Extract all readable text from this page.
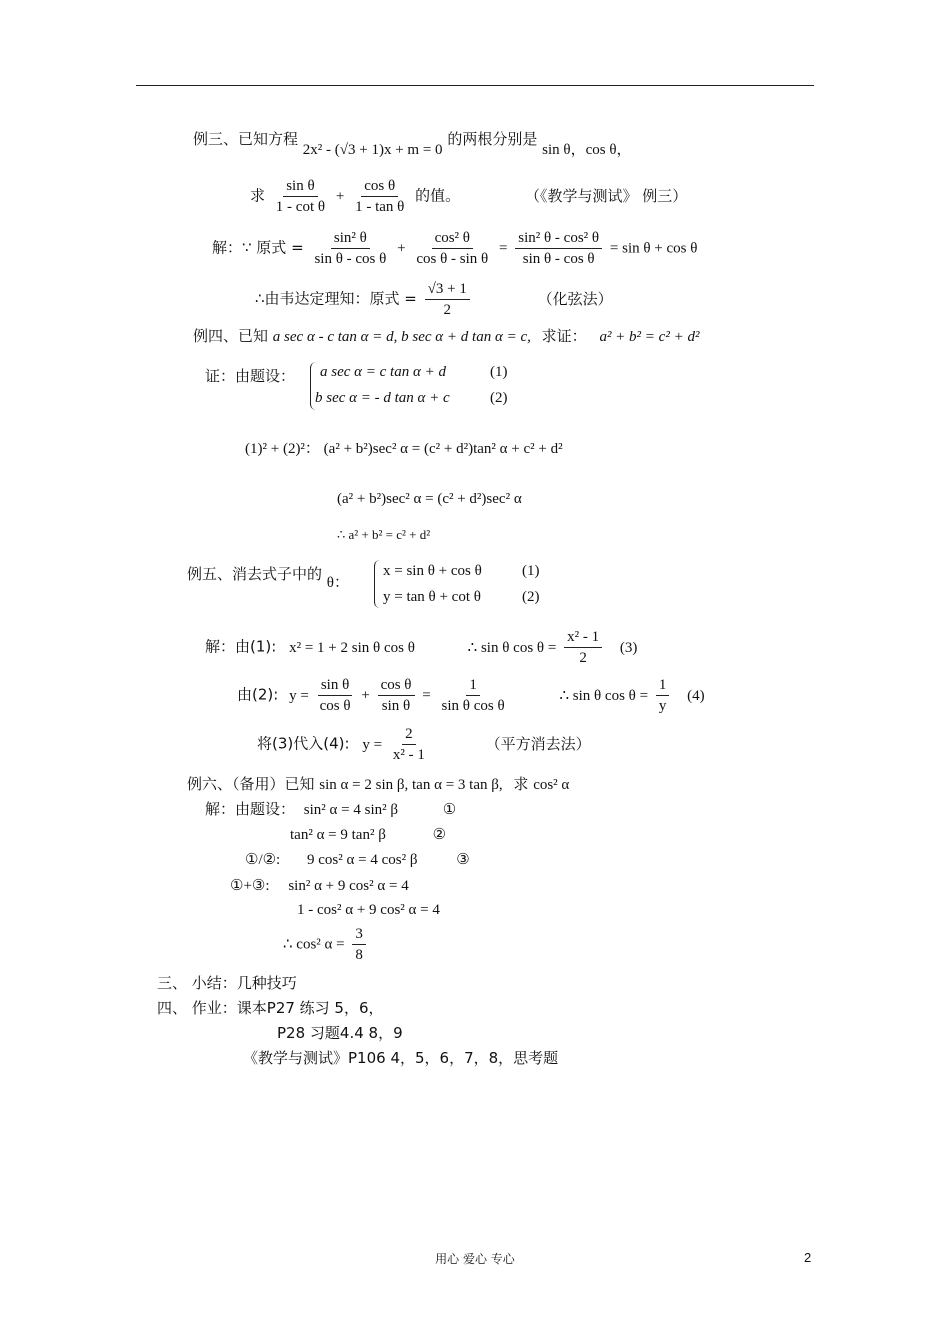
例三、已知方程 2x² - (√3 + 1)x + m = 0 的两根分别是 sin θ，cos θ，
求 $\frac{\text{sin θ}}{\text{1 - cot θ}} + \frac{\text{cos θ}}{\text{1 - tan θ}}$ 的值。	（《教学与测试》 例三）
解：∵ 原式 = $\frac{\text{sin² θ}}{\text{sin θ - cos θ}} + \frac{\text{cos² θ}}{\text{cos θ - sin θ}} = \frac{\text{sin² θ - cos² θ}}{\text{sin θ - cos θ}} = \sin \theta + \cos \theta$
∴由韦达定理知：原式 = $\frac{√3 + 1}{2}$	（化弦法）
例四、已知 a sec α - c tan α = d, b sec α + d tan α = c, 求证： a² + b² = c² + d²
证：由题设： a sec α = c tan α + d	(1)
b sec α = - d tan α + c	(2)
(1)² + (2)²： (a² + b²)sec² α = (c² + d²)tan² α + c² + d²
(a² + b²)sec² α = (c² + d²)sec² α
∴ a² + b² = c² + d²
例五、消去式子中的 θ：
x = sin θ + cos θ	(1)
y = tan θ + cot θ	(2)
解：由(1): x² = 1 + 2 sin θ cos θ	∴ sin θ $\cos \theta = \frac{\text{x² - 1}}{2} (3)$
由(2): $y = \frac{\text{sin θ}}{\text{cos θ}} + \frac{\text{cos θ}}{\text{sin θ}} = \frac{1}{\text{sin θ cos θ}}$	∴ sin θ $\cos \theta = \frac{1}{y} (4)$
将(3)代入(4): $y = \frac{2}{\text{x² - 1}}$	（平方消去法）
例六、（备用）已知 sin α = 2 sin β, tan α = 3 tan β, 求 cos² α
解：由题设： sin² α = 4 sin² β	①
tan² α = 9 tan² β	②
①/②: 9 cos² α = 4 cos² β	③
①+③: sin² α + 9 cos² α = 4
1 - cos² α + 9 cos² α = 4
∴ cos² $\alpha = \frac{3}{8}$
三、 小结：几种技巧
四、 作业：课本P27 练习 5，6，
P28 习题4.4 8，9
《教学与测试》P106 4，5，6，7，8，思考题
用心 爱心 专心	2
